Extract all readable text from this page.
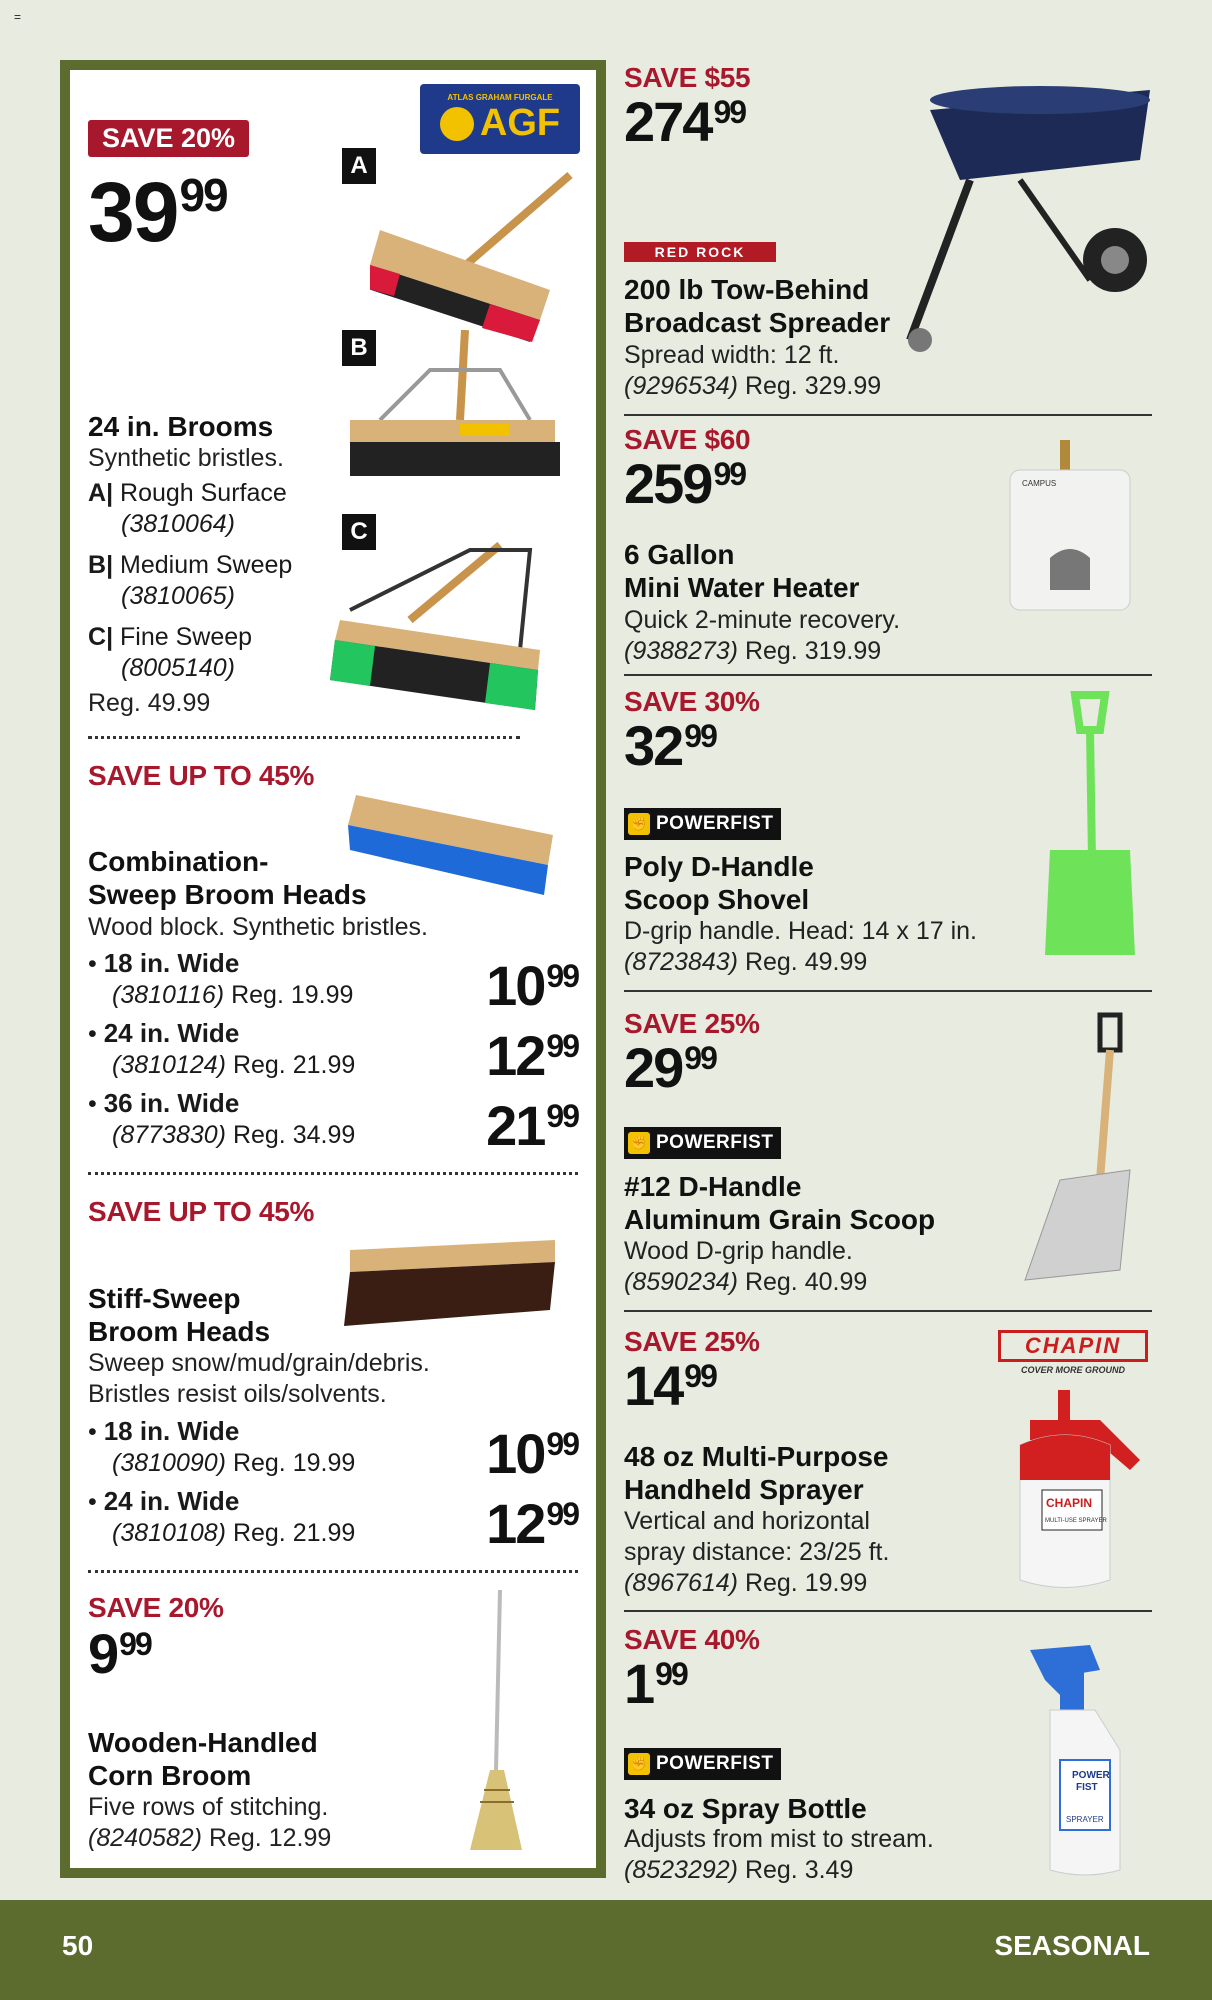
=
SAVE 20%
3999
ATLAS GRAHAM FURGALE
AGF
A
B
C
24 in. Brooms
Synthetic bristles.
A| Rough Surface
(3810064)
B| Medium Sweep
(3810065)
C| Fine Sweep
(8005140)
Reg. 49.99
SAVE UP TO 45%
Combination-
Sweep Broom Heads
Wood block. Synthetic bristles.
• 18 in. Wide
(3810116) Reg. 19.99	1099
• 24 in. Wide
(3810124) Reg. 21.99	1299
• 36 in. Wide
(8773830) Reg. 34.99	2199
SAVE UP TO 45%
Stiff-Sweep
Broom Heads
Sweep snow/mud/grain/debris.
Bristles resist oils/solvents.
• 18 in. Wide
(3810090) Reg. 19.99	1099
• 24 in. Wide
(3810108) Reg. 21.99	1299
SAVE 20%
999
Wooden-Handled
Corn Broom
Five rows of stitching.
(8240582) Reg. 12.99
SAVE $55
27499
RED ROCK
200 lb Tow-Behind
Broadcast Spreader
Spread width: 12 ft.
(9296534) Reg. 329.99
SAVE $60
25999	CAMPUS
6 Gallon
Mini Water Heater
Quick 2-minute recovery.
(9388273) Reg. 319.99
SAVE 30%
3299
✊ POWERFIST
Poly D-Handle
Scoop Shovel
D-grip handle. Head: 14 x 17 in.
(8723843) Reg. 49.99
SAVE 25%
2999
✊ POWERFIST
#12 D-Handle
Aluminum Grain Scoop
Wood D-grip handle.
(8590234) Reg. 40.99
SAVE 25%
1499
CHAPIN
COVER MORE GROUND
CHAPIN
MULTI-USE SPRAYER
48 oz Multi-Purpose
Handheld Sprayer
Vertical and horizontal
spray distance: 23/25 ft.
(8967614) Reg. 19.99
SAVE 40%
199
✊ POWERFIST
POWER
FIST
SPRAYER
34 oz Spray Bottle
Adjusts from mist to stream.
(8523292) Reg. 3.49
50	SEASONAL
